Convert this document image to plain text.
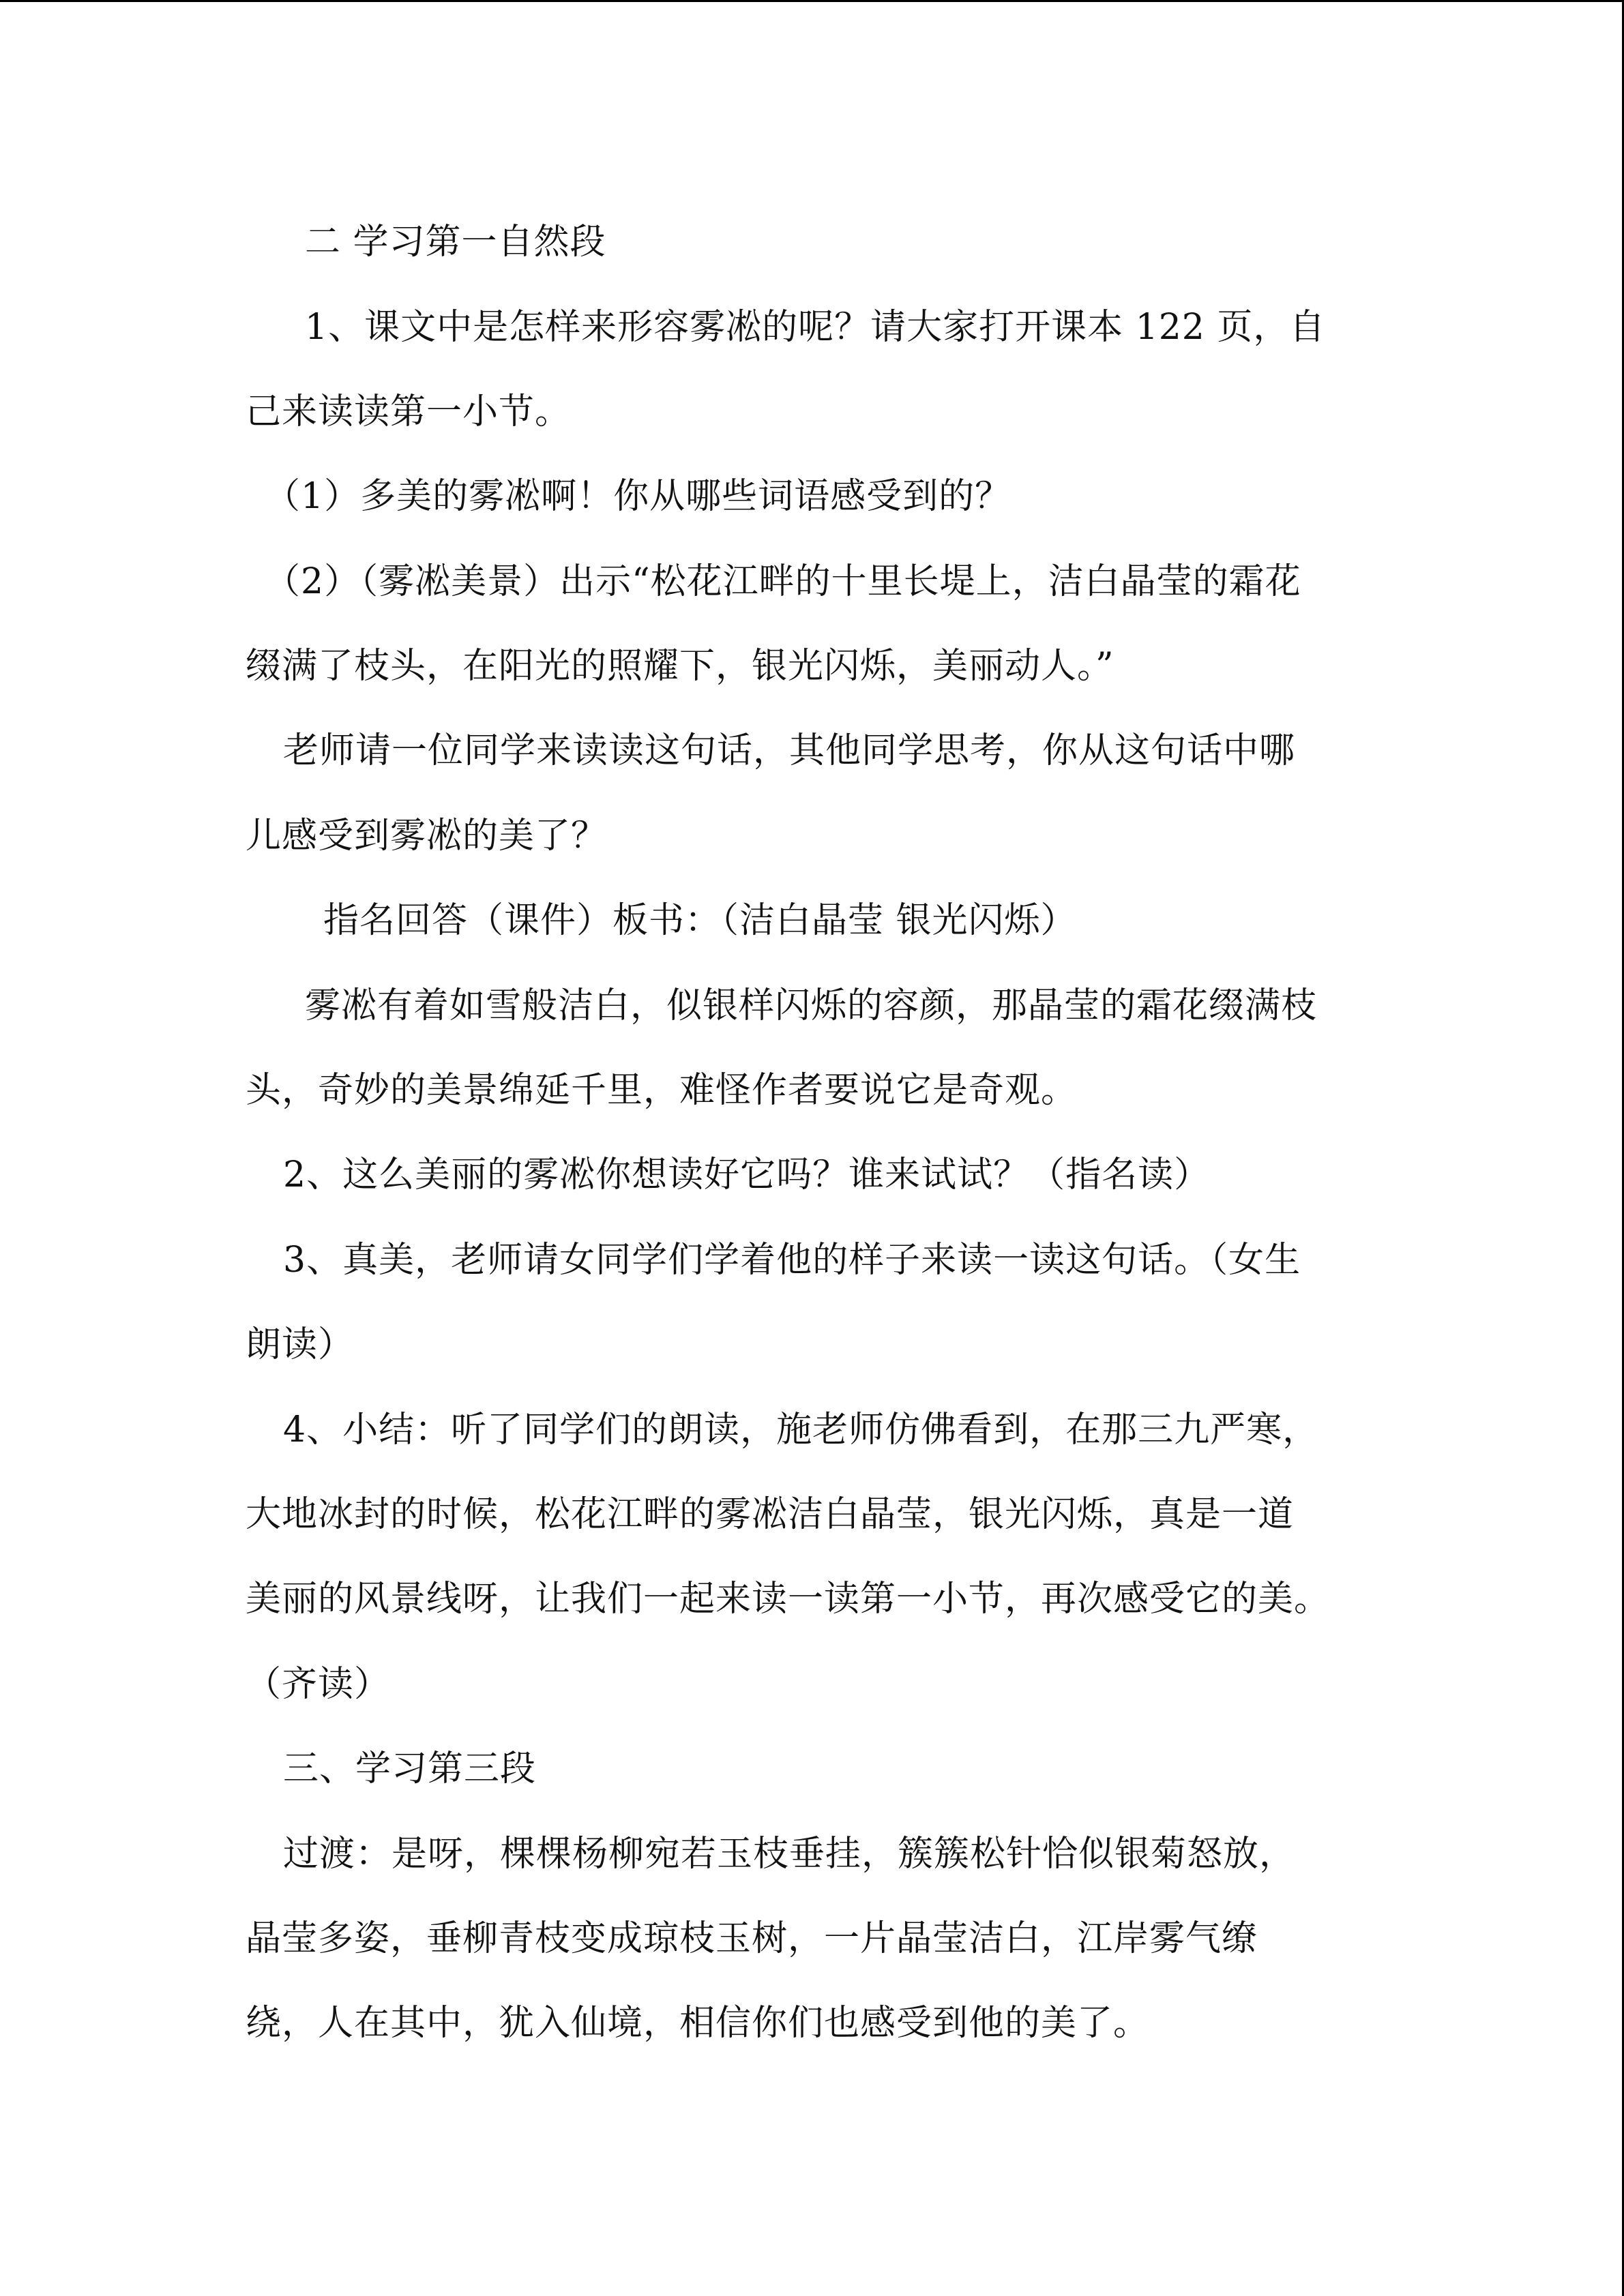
二 学习第一自然段
1、课文中是怎样来形容雾凇的呢？请大家打开课本 122 页，自
己来读读第一小节。
（1）多美的雾凇啊！你从哪些词语感受到的？
（2）（雾凇美景）出示“松花江畔的十里长堤上，洁白晶莹的霜花
缀满了枝头，在阳光的照耀下，银光闪烁，美丽动人。”
老师请一位同学来读读这句话，其他同学思考，你从这句话中哪
儿感受到雾凇的美了？
指名回答（课件）板书：（洁白晶莹 银光闪烁）
雾凇有着如雪般洁白，似银样闪烁的容颜，那晶莹的霜花缀满枝
头，奇妙的美景绵延千里，难怪作者要说它是奇观。
2、这么美丽的雾凇你想读好它吗？谁来试试？（指名读）
3、真美，老师请女同学们学着他的样子来读一读这句话。（女生
朗读）
4、小结：听了同学们的朗读，施老师仿佛看到，在那三九严寒，
大地冰封的时候，松花江畔的雾凇洁白晶莹，银光闪烁，真是一道
美丽的风景线呀，让我们一起来读一读第一小节，再次感受它的美。
（齐读）
三、学习第三段
过渡：是呀，棵棵杨柳宛若玉枝垂挂，簇簇松针恰似银菊怒放，
晶莹多姿，垂柳青枝变成琼枝玉树，一片晶莹洁白，江岸雾气缭
绕，人在其中，犹入仙境，相信你们也感受到他的美了。
